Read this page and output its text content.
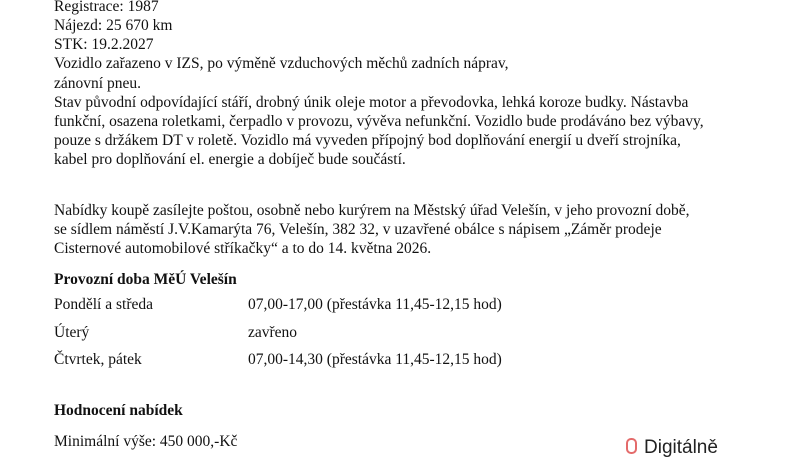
Registrace: 1987
Nájezd: 25 670 km
STK: 19.2.2027
Vozidlo zařazeno v IZS, po výměně vzduchových měchů zadních náprav,
zánovní pneu.
Stav původní odpovídající stáří, drobný únik oleje motor a převodovka, lehká koroze budky. Nástavba
funkční, osazena roletkami, čerpadlo v provozu, vývěva nefunkční. Vozidlo bude prodáváno bez výbavy,
pouze s držákem DT v roletě. Vozidlo má vyveden přípojný bod doplňování energií u dveří strojníka,
kabel pro doplňování el. energie a dobíječ bude součástí.
Nabídky koupě zasílejte poštou, osobně nebo kurýrem na Městský úřad Velešín, v jeho provozní době,
se sídlem náměstí J.V.Kamarýta 76, Velešín, 382 32, v uzavřené obálce s nápisem „Záměr prodeje
Cisternové automobilové stříkačky“ a to do 14. května 2026.
Provozní doba MěÚ Velešín
Pondělí a středa	07,00-17,00 (přestávka 11,45-12,15 hod)
Úterý	zavřeno
Čtvrtek, pátek	07,00-14,30 (přestávka 11,45-12,15 hod)
Hodnocení nabídek
Minimální výše: 450 000,-Kč	Digitálně
